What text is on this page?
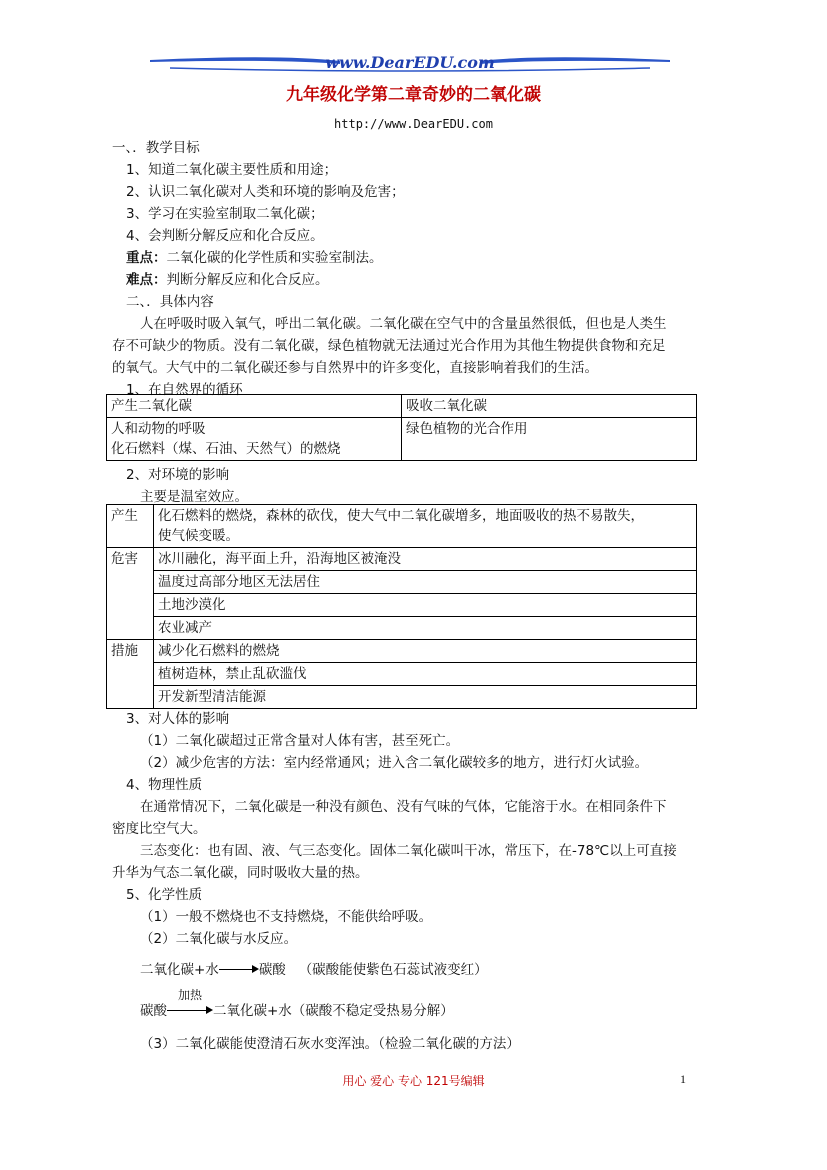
www.DearEDU.com
九年级化学第二章奇妙的二氧化碳
http://www.DearEDU.com
一、．教学目标
1、知道二氧化碳主要性质和用途；
2、认识二氧化碳对人类和环境的影响及危害；
3、学习在实验室制取二氧化碳；
4、会判断分解反应和化合反应。
重点：二氧化碳的化学性质和实验室制法。
难点：判断分解反应和化合反应。
二、．具体内容
人在呼吸时吸入氧气，呼出二氧化碳。二氧化碳在空气中的含量虽然很低，但也是人类生
存不可缺少的物质。没有二氧化碳，绿色植物就无法通过光合作用为其他生物提供食物和充足
的氧气。大气中的二氧化碳还参与自然界中的许多变化，直接影响着我们的生活。
1、在自然界的循环
产生二氧化碳	吸收二氧化碳

人和动物的呼吸
化石燃料（煤、石油、天然气）的燃烧	绿色植物的光合作用
2、对环境的影响
主要是温室效应。
产生	化石燃料的燃烧，森林的砍伐，使大气中二氧化碳增多，地面吸收的热不易散失，
使气候变暖。

危害	冰川融化，海平面上升，沿海地区被淹没
	温度过高部分地区无法居住
	土地沙漠化
	农业减产
措施	减少化石燃料的燃烧
	植树造林，禁止乱砍滥伐
	开发新型清洁能源
3、对人体的影响
（1）二氧化碳超过正常含量对人体有害，甚至死亡。
（2）减少危害的方法：室内经常通风；进入含二氧化碳较多的地方，进行灯火试验。
4、物理性质
在通常情况下，二氧化碳是一种没有颜色、没有气味的气体，它能溶于水。在相同条件下
密度比空气大。
三态变化：也有固、液、气三态变化。固体二氧化碳叫干冰，常压下，在-78℃以上可直接
升华为气态二氧化碳，同时吸收大量的热。
5、化学性质
（1）一般不燃烧也不支持燃烧，不能供给呼吸。
（2）二氧化碳与水反应。
二氧化碳+水	碳酸 （碳酸能使紫色石蕊试液变红）
加热
碳酸	二氧化碳+水（碳酸不稳定受热易分解）
（3）二氧化碳能使澄清石灰水变浑浊。（检验二氧化碳的方法）
用心 爱心 专心 121号编辑	1
